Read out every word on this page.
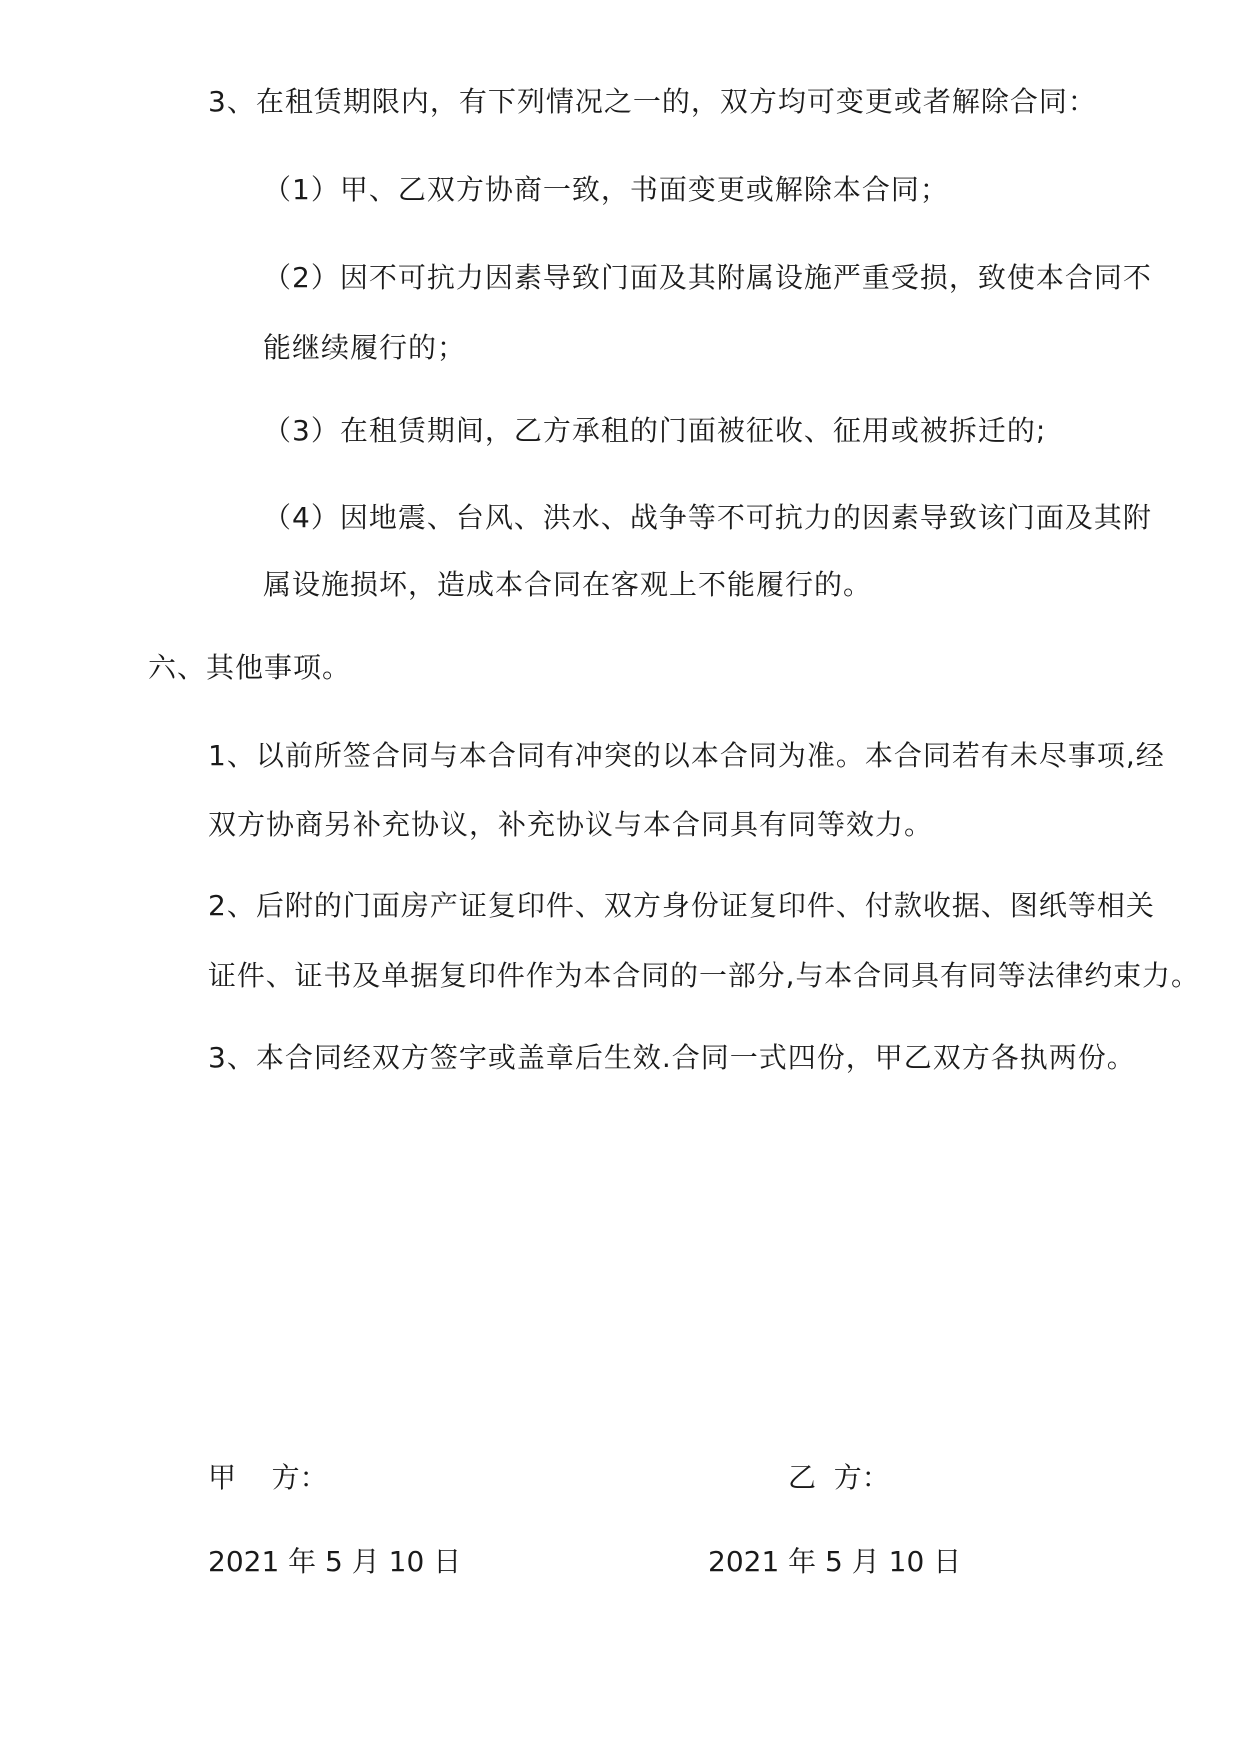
3、在租赁期限内，有下列情况之一的，双方均可变更或者解除合同：
（1）甲、乙双方协商一致，书面变更或解除本合同；
（2）因不可抗力因素导致门面及其附属设施严重受损，致使本合同不
能继续履行的；
（3）在租赁期间，乙方承租的门面被征收、征用或被拆迁的;
（4）因地震、台风、洪水、战争等不可抗力的因素导致该门面及其附
属设施损坏，造成本合同在客观上不能履行的。
六、其他事项。
1、以前所签合同与本合同有冲突的以本合同为准。本合同若有未尽事项,经
双方协商另补充协议，补充协议与本合同具有同等效力。
2、后附的门面房产证复印件、双方身份证复印件、付款收据、图纸等相关
证件、证书及单据复印件作为本合同的一部分,与本合同具有同等法律约束力。
3、本合同经双方签字或盖章后生效.合同一式四份，甲乙双方各执两份。
甲    方：	乙  方：
2021 年 5 月 10 日	2021 年 5 月 10 日
